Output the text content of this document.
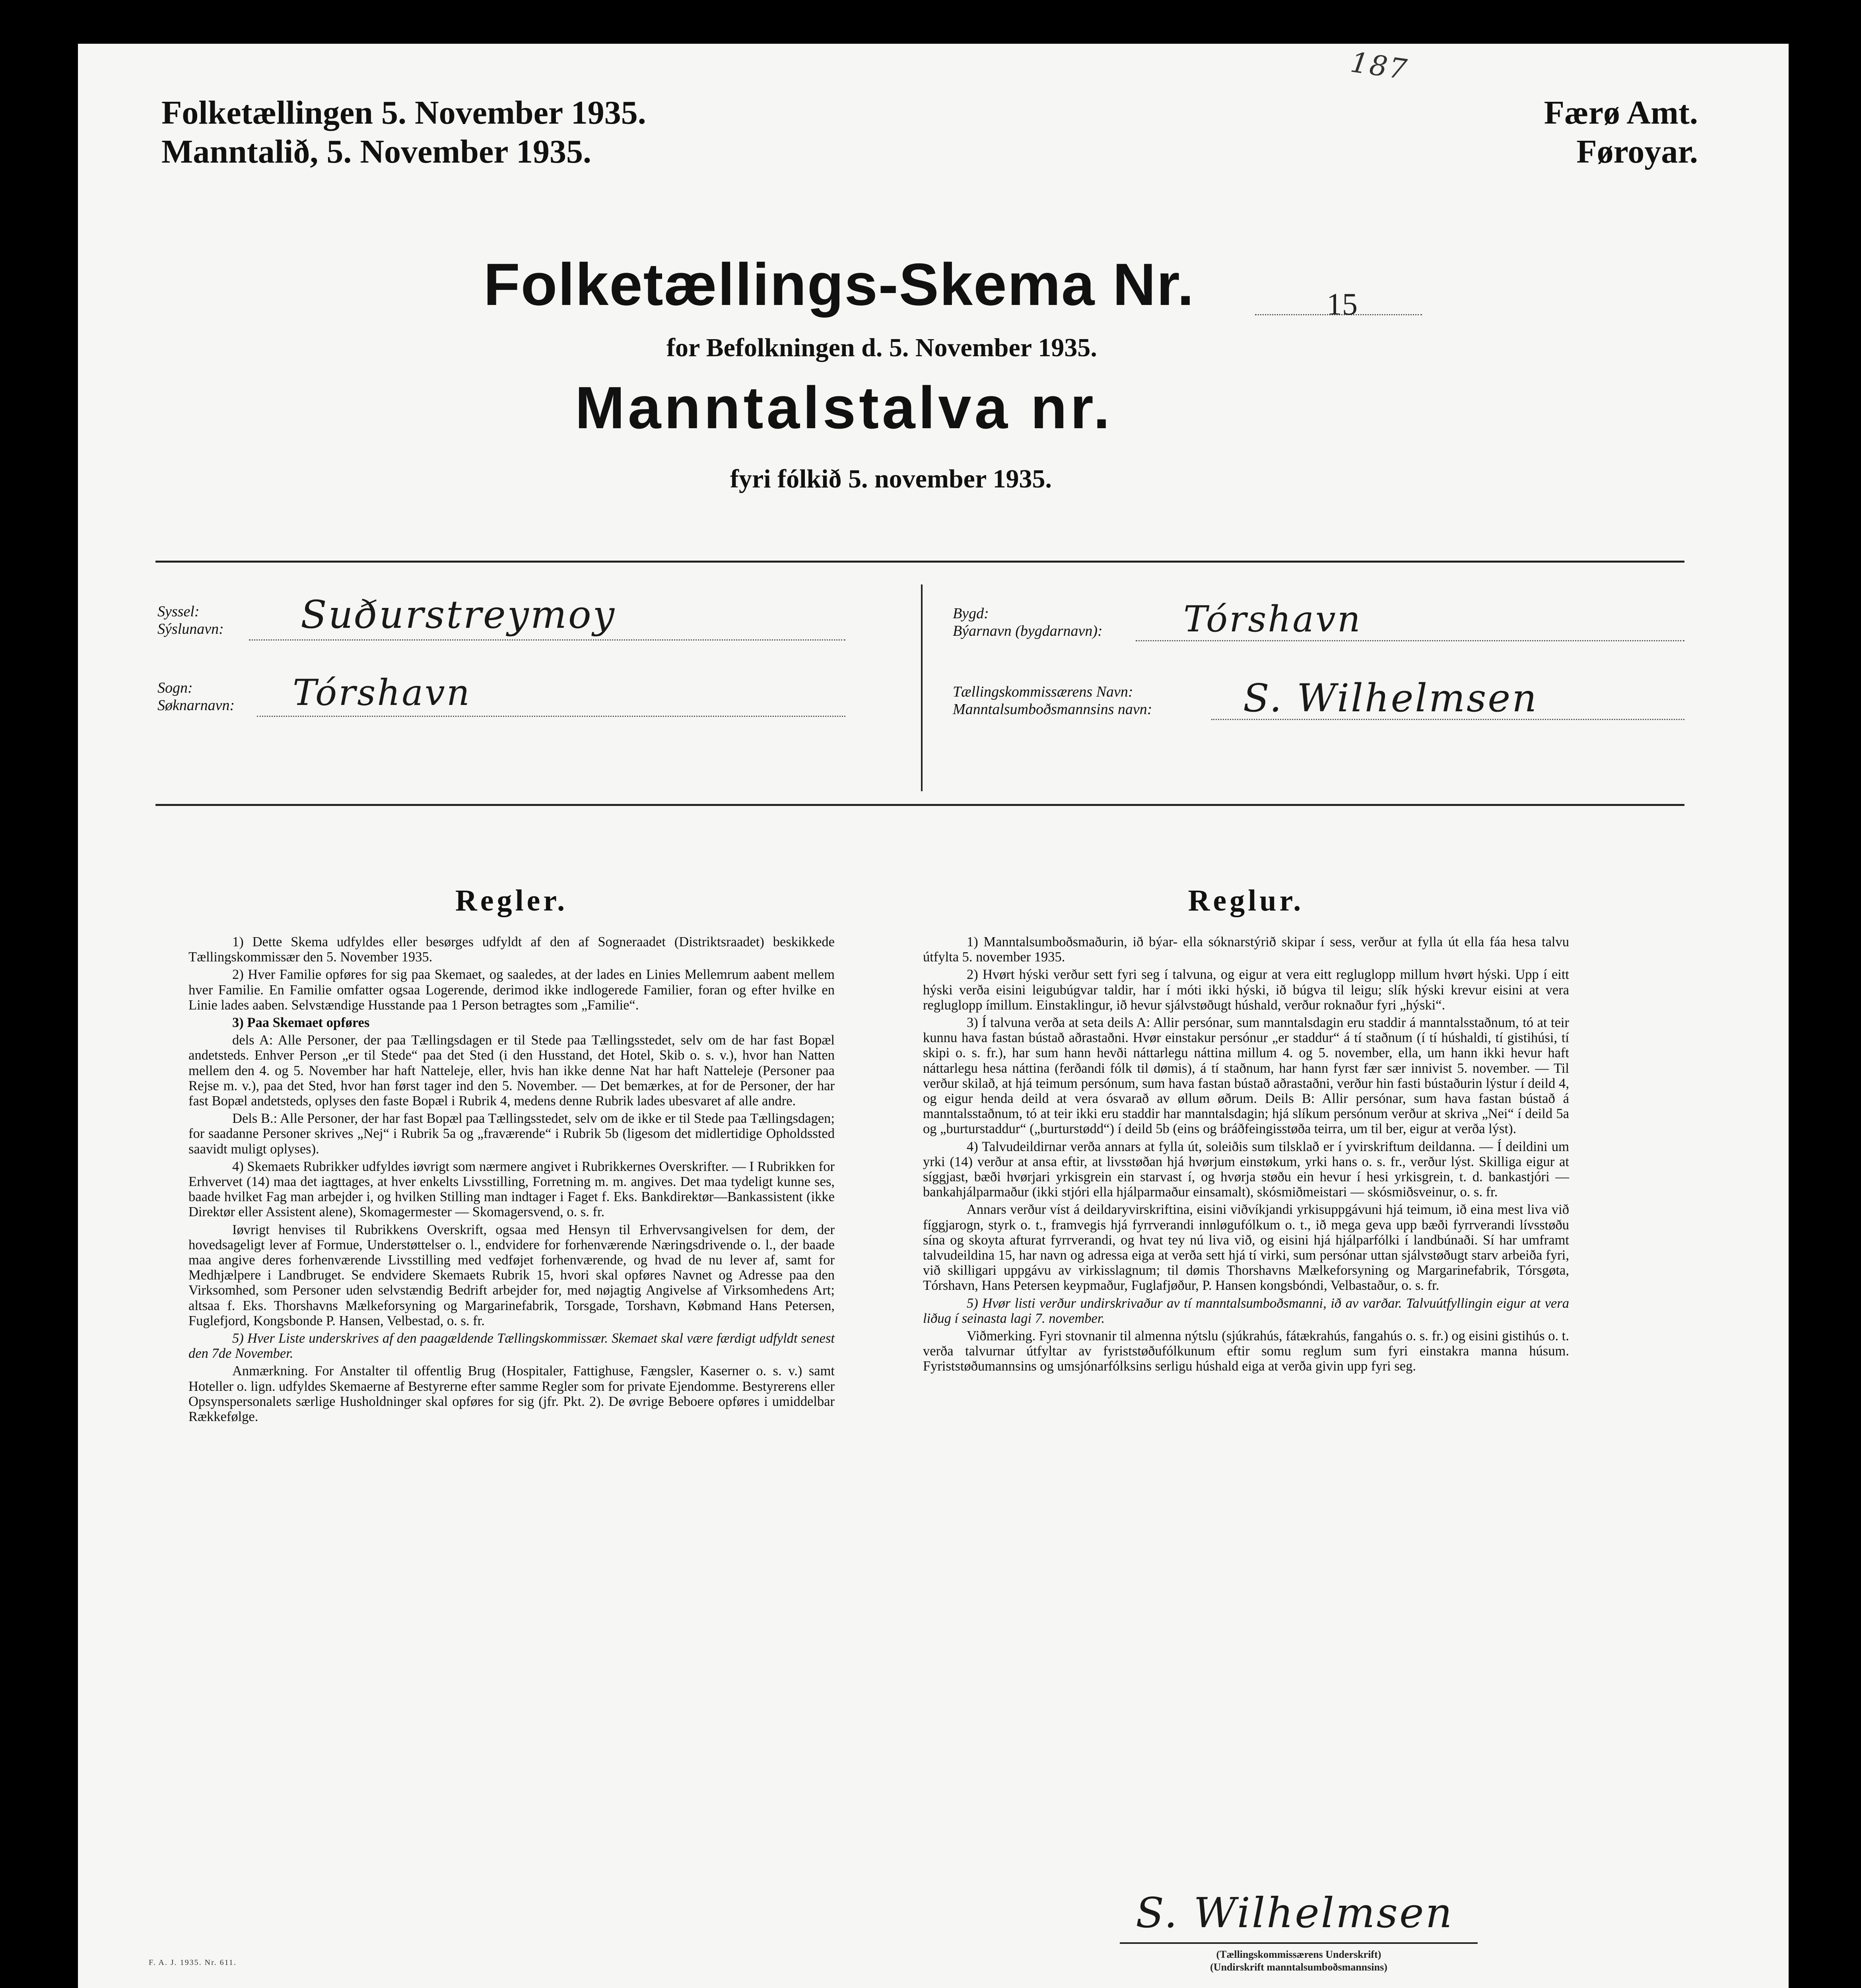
Folketællingen 5. November 1935.
Manntalið, 5. November 1935.
Færø Amt.
Føroyar.
187
Folketællings-Skema Nr.	15
for Befolkningen d. 5. November 1935.
Manntalstalva nr.
fyri fólkið 5. november 1935.
Syssel:
Sýslunavn: Suðurstreymoy
Sogn:
Søknarnavn: Tórshavn
Bygd:
Býarnavn (bygdarnavn): Tórshavn
Tællingskommissærens Navn:
Manntalsumboðsmannsins navn: S. Wilhelmsen
Regler.

1) Dette Skema udfyldes eller besørges udfyldt af den af Sogneraadet (Distriktsraadet) beskikkede Tællingskommissær den 5. November 1935.

2) Hver Familie opføres for sig paa Skemaet, og saaledes, at der lades en Linies Mellemrum aabent mellem hver Familie. En Familie omfatter ogsaa Logerende, derimod ikke indlogerede Familier, foran og efter hvilke en Linie lades aaben. Selvstændige Husstande paa 1 Person betragtes som „Familie“.

3) Paa Skemaet opføres

dels A: Alle Personer, der paa Tællingsdagen er til Stede paa Tællingsstedet, selv om de har fast Bopæl andetsteds. Enhver Person „er til Stede“ paa det Sted (i den Husstand, det Hotel, Skib o. s. v.), hvor han Natten mellem den 4. og 5. November har haft Natteleje, eller, hvis han ikke denne Nat har haft Natteleje (Personer paa Rejse m. v.), paa det Sted, hvor han først tager ind den 5. November. — Det bemærkes, at for de Personer, der har fast Bopæl andetsteds, oplyses den faste Bopæl i Rubrik 4, medens denne Rubrik lades ubesvaret af alle andre.

Dels B.: Alle Personer, der har fast Bopæl paa Tællingsstedet, selv om de ikke er til Stede paa Tællingsdagen; for saadanne Personer skrives „Nej“ i Rubrik 5a og „fraværende“ i Rubrik 5b (ligesom det midlertidige Opholdssted saavidt muligt oplyses).

4) Skemaets Rubrikker udfyldes iøvrigt som nærmere angivet i Rubrikkernes Overskrifter. — I Rubrikken for Erhvervet (14) maa det iagttages, at hver enkelts Livsstilling, Forretning m. m. angives. Det maa tydeligt kunne ses, baade hvilket Fag man arbejder i, og hvilken Stilling man indtager i Faget f. Eks. Bankdirektør—Bankassistent (ikke Direktør eller Assistent alene), Skomagermester — Skomagersvend, o. s. fr.

Iøvrigt henvises til Rubrikkens Overskrift, ogsaa med Hensyn til Erhvervsangivelsen for dem, der hovedsageligt lever af Formue, Understøttelser o. l., endvidere for forhenværende Næringsdrivende o. l., der baade maa angive deres forhenværende Livsstilling med vedføjet forhenværende, og hvad de nu lever af, samt for Medhjælpere i Landbruget. Se endvidere Skemaets Rubrik 15, hvori skal opføres Navnet og Adresse paa den Virksomhed, som Personer uden selvstændig Bedrift arbejder for, med nøjagtig Angivelse af Virksomhedens Art; altsaa f. Eks. Thorshavns Mælkeforsyning og Margarinefabrik, Torsgade, Torshavn, Købmand Hans Petersen, Fuglefjord, Kongsbonde P. Hansen, Velbestad, o. s. fr.

5) Hver Liste underskrives af den paagældende Tællingskommissær. Skemaet skal være færdigt udfyldt senest den 7de November.

Anmærkning. For Anstalter til offentlig Brug (Hospitaler, Fattighuse, Fængsler, Kaserner o. s. v.) samt Hoteller o. lign. udfyldes Skemaerne af Bestyrerne efter samme Regler som for private Ejendomme. Bestyrerens eller Opsynspersonalets særlige Husholdninger skal opføres for sig (jfr. Pkt. 2). De øvrige Beboere opføres i umiddelbar Rækkefølge.

Reglur.

1) Manntalsumboðsmaðurin, ið býar- ella sóknarstýrið skipar í sess, verður at fylla út ella fáa hesa talvu útfylta 5. november 1935.

2) Hvørt hýski verður sett fyri seg í talvuna, og eigur at vera eitt regluglopp millum hvørt hýski. Upp í eitt hýski verða eisini leigubúgvar taldir, har í móti ikki hýski, ið búgva til leigu; slík hýski krevur eisini at vera regluglopp ímillum. Einstaklingur, ið hevur sjálvstøðugt húshald, verður roknaður fyri „hýski“.

3) Í talvuna verða at seta deils A: Allir persónar, sum manntalsdagin eru staddir á manntalsstaðnum, tó at teir kunnu hava fastan bústað aðrastaðni. Hvør einstakur persónur „er staddur“ á tí staðnum (í tí húshaldi, tí gistihúsi, tí skipi o. s. fr.), har sum hann hevði náttarlegu náttina millum 4. og 5. november, ella, um hann ikki hevur haft náttarlegu hesa náttina (ferðandi fólk til dømis), á tí staðnum, har hann fyrst fær sær innivist 5. november. — Til verður skilað, at hjá teimum persónum, sum hava fastan bústað aðrastaðni, verður hin fasti bústaðurin lýstur í deild 4, og eigur henda deild at vera ósvarað av øllum øðrum. Deils B: Allir persónar, sum hava fastan bústað á manntalsstaðnum, tó at teir ikki eru staddir har manntalsdagin; hjá slíkum persónum verður at skriva „Nei“ í deild 5a og „burturstaddur“ („burturstødd“) í deild 5b (eins og bráðfeingisstøða teirra, um til ber, eigur at verða lýst).

4) Talvudeildirnar verða annars at fylla út, soleiðis sum tilsklað er í yvirskriftum deildanna. — Í deildini um yrki (14) verður at ansa eftir, at livsstøðan hjá hvørjum einstøkum, yrki hans o. s. fr., verður lýst. Skilliga eigur at síggjast, bæði hvørjari yrkisgrein ein starvast í, og hvørja støðu ein hevur í hesi yrkisgrein, t. d. bankastjóri — bankahjálparmaður (ikki stjóri ella hjálparmaður einsamalt), skósmiðmeistari — skósmiðsveinur, o. s. fr.

Annars verður víst á deildaryvirskriftina, eisini viðvíkjandi yrkisuppgávuni hjá teimum, ið eina mest liva við fíggjarogn, styrk o. t., framvegis hjá fyrrverandi innløgufólkum o. t., ið mega geva upp bæði fyrrverandi lívsstøðu sína og skoyta afturat fyrrverandi, og hvat tey nú liva við, og eisini hjá hjálparfólki í landbúnaði. Sí har umframt talvudeildina 15, har navn og adressa eiga at verða sett hjá tí virki, sum persónar uttan sjálvstøðugt starv arbeiða fyri, við skilligari uppgávu av virkisslagnum; til dømis Thorshavns Mælkeforsyning og Margarinefabrik, Tórsgøta, Tórshavn, Hans Petersen keypmaður, Fuglafjøður, P. Hansen kongsbóndi, Velbastaður, o. s. fr.

5) Hvør listi verður undirskrivaður av tí manntalsumboðsmanni, ið av varðar. Talvuútfyllingin eigur at vera liðug í seinasta lagi 7. november.

Viðmerking. Fyri stovnanir til almenna nýtslu (sjúkrahús, fátækrahús, fangahús o. s. fr.) og eisini gistihús o. t. verða talvurnar útfyltar av fyriststøðufólkunum eftir somu reglum sum fyri einstakra manna húsum. Fyriststøðumannsins og umsjónarfólksins serligu húshald eiga at verða givin upp fyri seg.

S. Wilhelmsen
(Tællingskommissærens Underskrift)
(Undirskrift manntalsumboðsmannsins)
F. A. J. 1935. Nr. 611.
